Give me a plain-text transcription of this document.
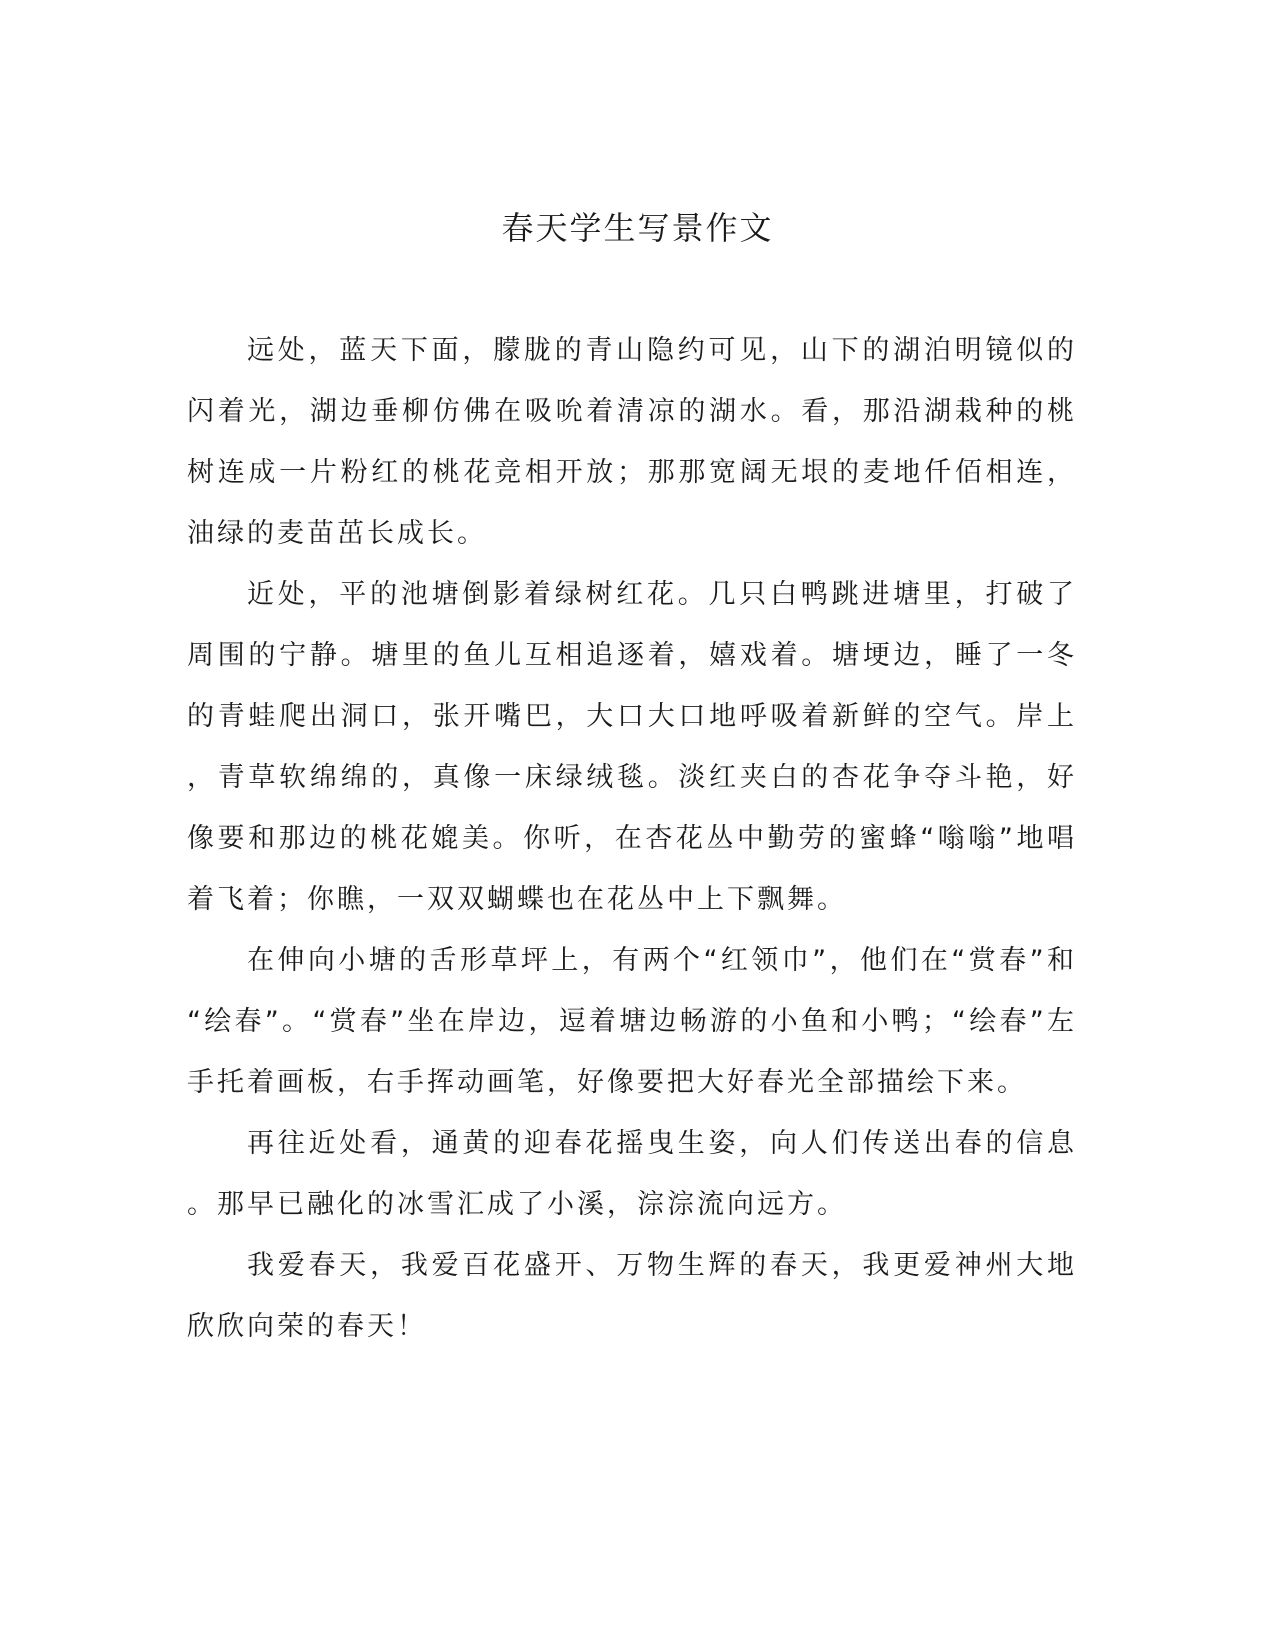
春天学生写景作文

远处，蓝天下面，朦胧的青山隐约可见，山下的湖泊明镜似的闪着光，湖边垂柳仿佛在吸吮着清凉的湖水。看，那沿湖栽种的桃树连成一片粉红的桃花竞相开放；那那宽阔无垠的麦地仟佰相连，油绿的麦苗茁长成长。

近处，平的池塘倒影着绿树红花。几只白鸭跳进塘里，打破了周围的宁静。塘里的鱼儿互相追逐着，嬉戏着。塘埂边，睡了一冬的青蛙爬出洞口，张开嘴巴，大口大口地呼吸着新鲜的空气。岸上，青草软绵绵的，真像一床绿绒毯。淡红夹白的杏花争夺斗艳，好像要和那边的桃花媲美。你听，在杏花丛中勤劳的蜜蜂“嗡嗡”地唱着飞着；你瞧，一双双蝴蝶也在花丛中上下飘舞。

在伸向小塘的舌形草坪上，有两个“红领巾”，他们在“赏春”和“绘春”。“赏春”坐在岸边，逗着塘边畅游的小鱼和小鸭；“绘春”左手托着画板，右手挥动画笔，好像要把大好春光全部描绘下来。

再往近处看，通黄的迎春花摇曳生姿，向人们传送出春的信息。那早已融化的冰雪汇成了小溪，淙淙流向远方。

我爱春天，我爱百花盛开、万物生辉的春天，我更爱神州大地欣欣向荣的春天！
